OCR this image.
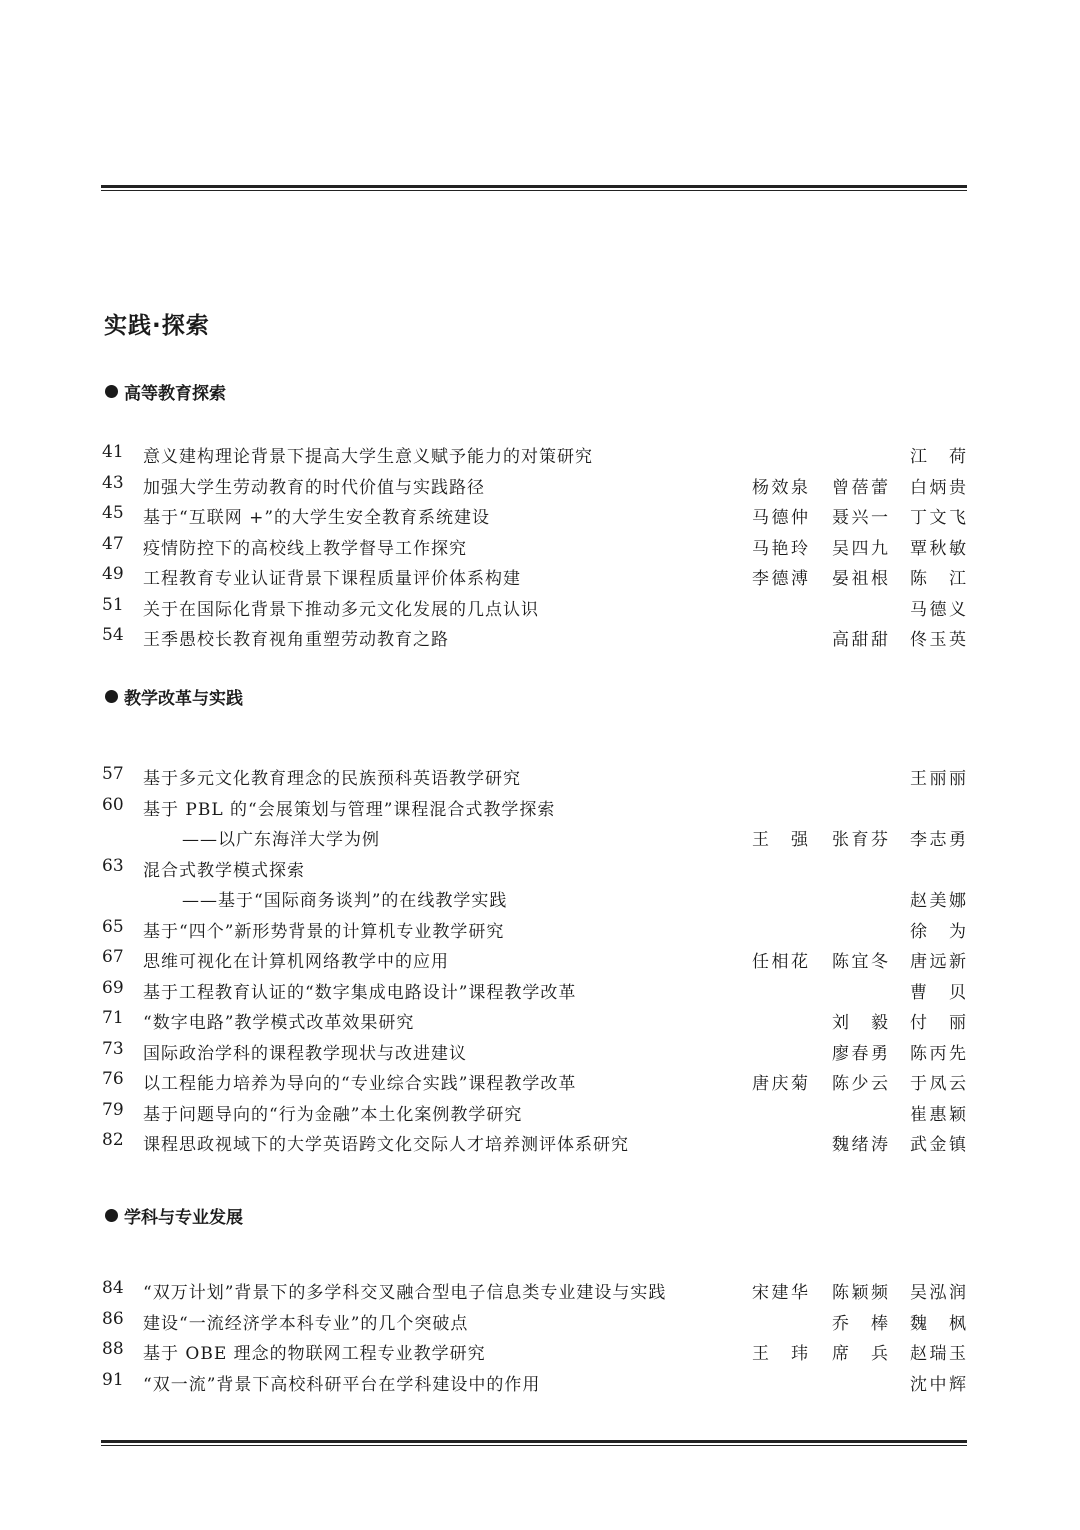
实践·探索
高等教育探索
41	意义建构理论背景下提高大学生意义赋予能力的对策研究	江 荷
43	加强大学生劳动教育的时代价值与实践路径	杨效泉 曾蓓蕾 白炳贵
45	基于“互联网 +”的大学生安全教育系统建设	马德仲 聂兴一 丁文飞
47	疫情防控下的高校线上教学督导工作探究	马艳玲 吴四九 覃秋敏
49	工程教育专业认证背景下课程质量评价体系构建	李德溥 晏祖根 陈 江
51	关于在国际化背景下推动多元文化发展的几点认识	马德义
54	王季愚校长教育视角重塑劳动教育之路	高甜甜 佟玉英
教学改革与实践
57	基于多元文化教育理念的民族预科英语教学研究	王丽丽
60	基于 PBL 的“会展策划与管理”课程混合式教学探索
——以广东海洋大学为例	王 强 张育芬 李志勇
63	混合式教学模式探索
——基于“国际商务谈判”的在线教学实践	赵美娜
65	基于“四个”新形势背景的计算机专业教学研究	徐 为
67	思维可视化在计算机网络教学中的应用	任相花 陈宜冬 唐远新
69	基于工程教育认证的“数字集成电路设计”课程教学改革	曹 贝
71	“数字电路”教学模式改革效果研究	刘 毅 付 丽
73	国际政治学科的课程教学现状与改进建议	廖春勇 陈丙先
76	以工程能力培养为导向的“专业综合实践”课程教学改革	唐庆菊 陈少云 于凤云
79	基于问题导向的“行为金融”本土化案例教学研究	崔惠颖
82	课程思政视域下的大学英语跨文化交际人才培养测评体系研究	魏绪涛 武金镇
学科与专业发展
84	“双万计划”背景下的多学科交叉融合型电子信息类专业建设与实践	宋建华 陈颖频 吴泓润
86	建设“一流经济学本科专业”的几个突破点	乔 棒 魏 枫
88	基于 OBE 理念的物联网工程专业教学研究	王 玮 席 兵 赵瑞玉
91	“双一流”背景下高校科研平台在学科建设中的作用	沈中辉
